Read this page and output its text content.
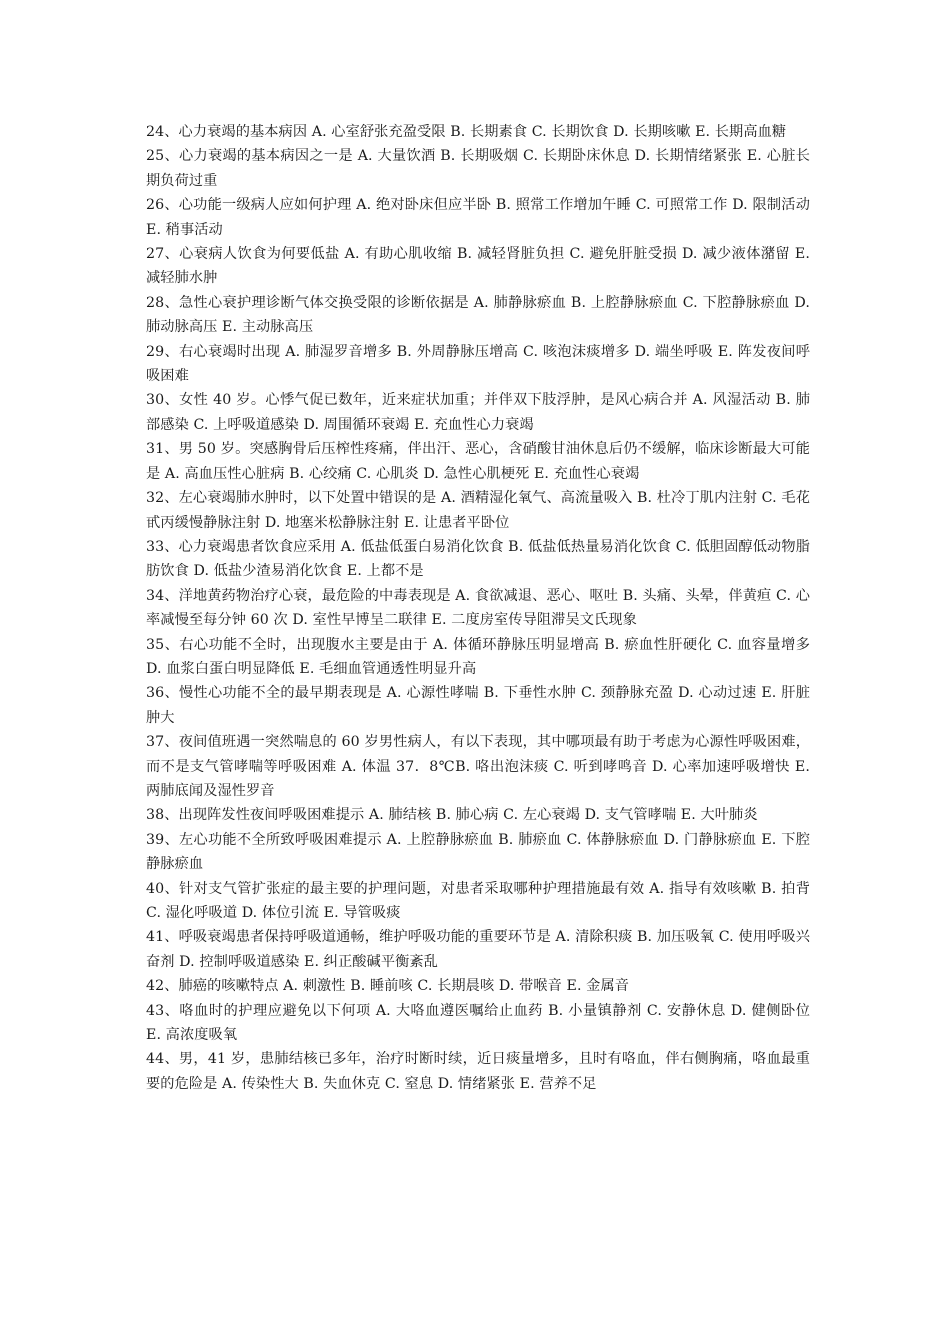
24、心力衰竭的基本病因 A. 心室舒张充盈受限 B. 长期素食 C. 长期饮食 D. 长期咳嗽 E. 长期高血糖

25、心力衰竭的基本病因之一是 A. 大量饮酒 B. 长期吸烟 C. 长期卧床休息 D. 长期情绪紧张 E. 心脏长期负荷过重

26、心功能一级病人应如何护理 A. 绝对卧床但应半卧 B. 照常工作增加午睡 C. 可照常工作 D. 限制活动 E. 稍事活动

27、心衰病人饮食为何要低盐 A. 有助心肌收缩 B. 减轻肾脏负担 C. 避免肝脏受损 D. 减少液体潴留 E. 减轻肺水肿

28、急性心衰护理诊断气体交换受限的诊断依据是 A. 肺静脉瘀血 B. 上腔静脉瘀血 C. 下腔静脉瘀血 D. 肺动脉高压 E. 主动脉高压

29、右心衰竭时出现 A. 肺湿罗音增多 B. 外周静脉压增高 C. 咳泡沫痰增多 D. 端坐呼吸 E. 阵发夜间呼吸困难

30、女性 40 岁。心悸气促已数年，近来症状加重；并伴双下肢浮肿，是风心病合并 A. 风湿活动 B. 肺部感染 C. 上呼吸道感染 D. 周围循环衰竭 E. 充血性心力衰竭

31、男 50 岁。突感胸骨后压榨性疼痛，伴出汗、恶心，含硝酸甘油休息后仍不缓解，临床诊断最大可能是 A. 高血压性心脏病 B. 心绞痛 C. 心肌炎 D. 急性心肌梗死 E. 充血性心衰竭

32、左心衰竭肺水肿时，以下处置中错误的是 A. 酒精湿化氧气、高流量吸入 B. 杜冷丁肌内注射 C. 毛花甙丙缓慢静脉注射 D. 地塞米松静脉注射 E. 让患者平卧位

33、心力衰竭患者饮食应采用 A. 低盐低蛋白易消化饮食 B. 低盐低热量易消化饮食 C. 低胆固醇低动物脂肪饮食 D. 低盐少渣易消化饮食 E. 上都不是

34、洋地黄药物治疗心衰，最危险的中毒表现是 A. 食欲减退、恶心、呕吐 B. 头痛、头晕，伴黄疸 C. 心率减慢至每分钟 60 次 D. 室性早博呈二联律 E. 二度房室传导阻滞吴文氏现象

35、右心功能不全时，出现腹水主要是由于 A. 体循环静脉压明显增高 B. 瘀血性肝硬化 C. 血容量增多 D. 血浆白蛋白明显降低 E. 毛细血管通透性明显升高

36、慢性心功能不全的最早期表现是 A. 心源性哮喘 B. 下垂性水肿 C. 颈静脉充盈 D. 心动过速 E. 肝脏肿大

37、夜间值班遇一突然喘息的 60 岁男性病人，有以下表现，其中哪项最有助于考虑为心源性呼吸困难，而不是支气管哮喘等呼吸困难 A. 体温 37．8℃B. 咯出泡沫痰 C. 听到哮鸣音 D. 心率加速呼吸增快 E. 两肺底闻及湿性罗音

38、出现阵发性夜间呼吸困难提示 A. 肺结核 B. 肺心病 C. 左心衰竭 D. 支气管哮喘 E. 大叶肺炎

39、左心功能不全所致呼吸困难提示 A. 上腔静脉瘀血 B. 肺瘀血 C. 体静脉瘀血 D. 门静脉瘀血 E. 下腔静脉瘀血

40、针对支气管扩张症的最主要的护理问题，对患者采取哪种护理措施最有效 A. 指导有效咳嗽 B. 拍背 C. 湿化呼吸道 D. 体位引流 E. 导管吸痰

41、呼吸衰竭患者保持呼吸道通畅，维护呼吸功能的重要环节是 A. 清除积痰 B. 加压吸氧 C. 使用呼吸兴奋剂 D. 控制呼吸道感染 E. 纠正酸碱平衡紊乱

42、肺癌的咳嗽特点 A. 刺激性 B. 睡前咳 C. 长期晨咳 D. 带喉音 E. 金属音

43、咯血时的护理应避免以下何项 A. 大咯血遵医嘱给止血药 B. 小量镇静剂 C. 安静休息 D. 健侧卧位 E. 高浓度吸氧

44、男，41 岁，患肺结核已多年，治疗时断时续，近日痰量增多，且时有咯血，伴右侧胸痛，咯血最重要的危险是 A. 传染性大 B. 失血休克 C. 窒息 D. 情绪紧张 E. 营养不足
